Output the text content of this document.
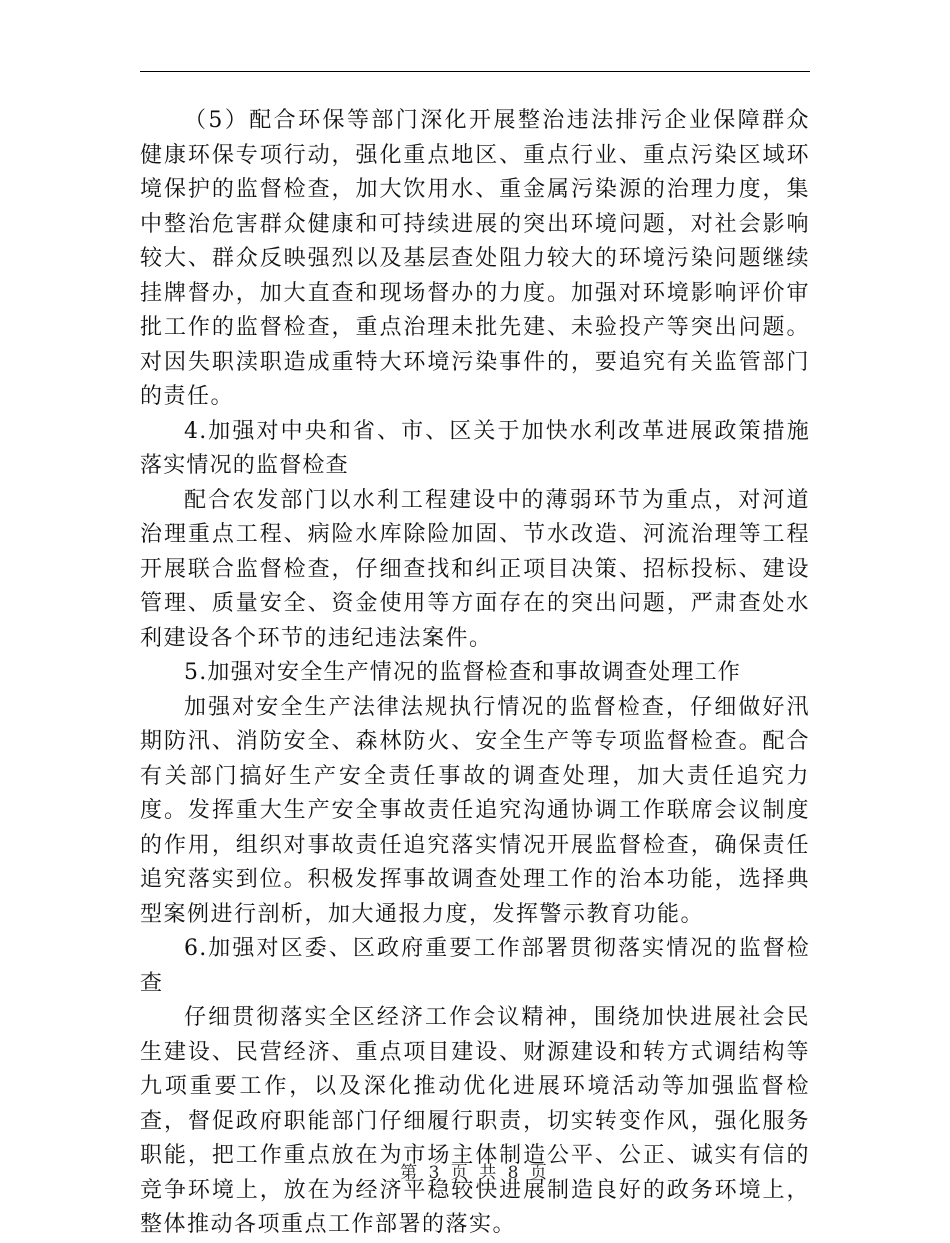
（5）配合环保等部门深化开展整治违法排污企业保障群众健康环保专项行动，强化重点地区、重点行业、重点污染区域环境保护的监督检查，加大饮用水、重金属污染源的治理力度，集中整治危害群众健康和可持续进展的突出环境问题，对社会影响较大、群众反映强烈以及基层查处阻力较大的环境污染问题继续挂牌督办，加大直查和现场督办的力度。加强对环境影响评价审批工作的监督检查，重点治理未批先建、未验投产等突出问题。对因失职渎职造成重特大环境污染事件的，要追究有关监管部门的责任。

4.加强对中央和省、市、区关于加快水利改革进展政策措施落实情况的监督检查

配合农发部门以水利工程建设中的薄弱环节为重点，对河道治理重点工程、病险水库除险加固、节水改造、河流治理等工程开展联合监督检查，仔细查找和纠正项目决策、招标投标、建设管理、质量安全、资金使用等方面存在的突出问题，严肃查处水利建设各个环节的违纪违法案件。

5.加强对安全生产情况的监督检查和事故调查处理工作

加强对安全生产法律法规执行情况的监督检查，仔细做好汛期防汛、消防安全、森林防火、安全生产等专项监督检查。配合有关部门搞好生产安全责任事故的调查处理，加大责任追究力度。发挥重大生产安全事故责任追究沟通协调工作联席会议制度的作用，组织对事故责任追究落实情况开展监督检查，确保责任追究落实到位。积极发挥事故调查处理工作的治本功能，选择典型案例进行剖析，加大通报力度，发挥警示教育功能。

6.加强对区委、区政府重要工作部署贯彻落实情况的监督检查

仔细贯彻落实全区经济工作会议精神，围绕加快进展社会民生建设、民营经济、重点项目建设、财源建设和转方式调结构等九项重要工作，以及深化推动优化进展环境活动等加强监督检查，督促政府职能部门仔细履行职责，切实转变作风，强化服务职能，把工作重点放在为市场主体制造公平、公正、诚实有信的竞争环境上，放在为经济平稳较快进展制造良好的政务环境上，整体推动各项重点工作部署的落实。

第 3 页 共 8 页
